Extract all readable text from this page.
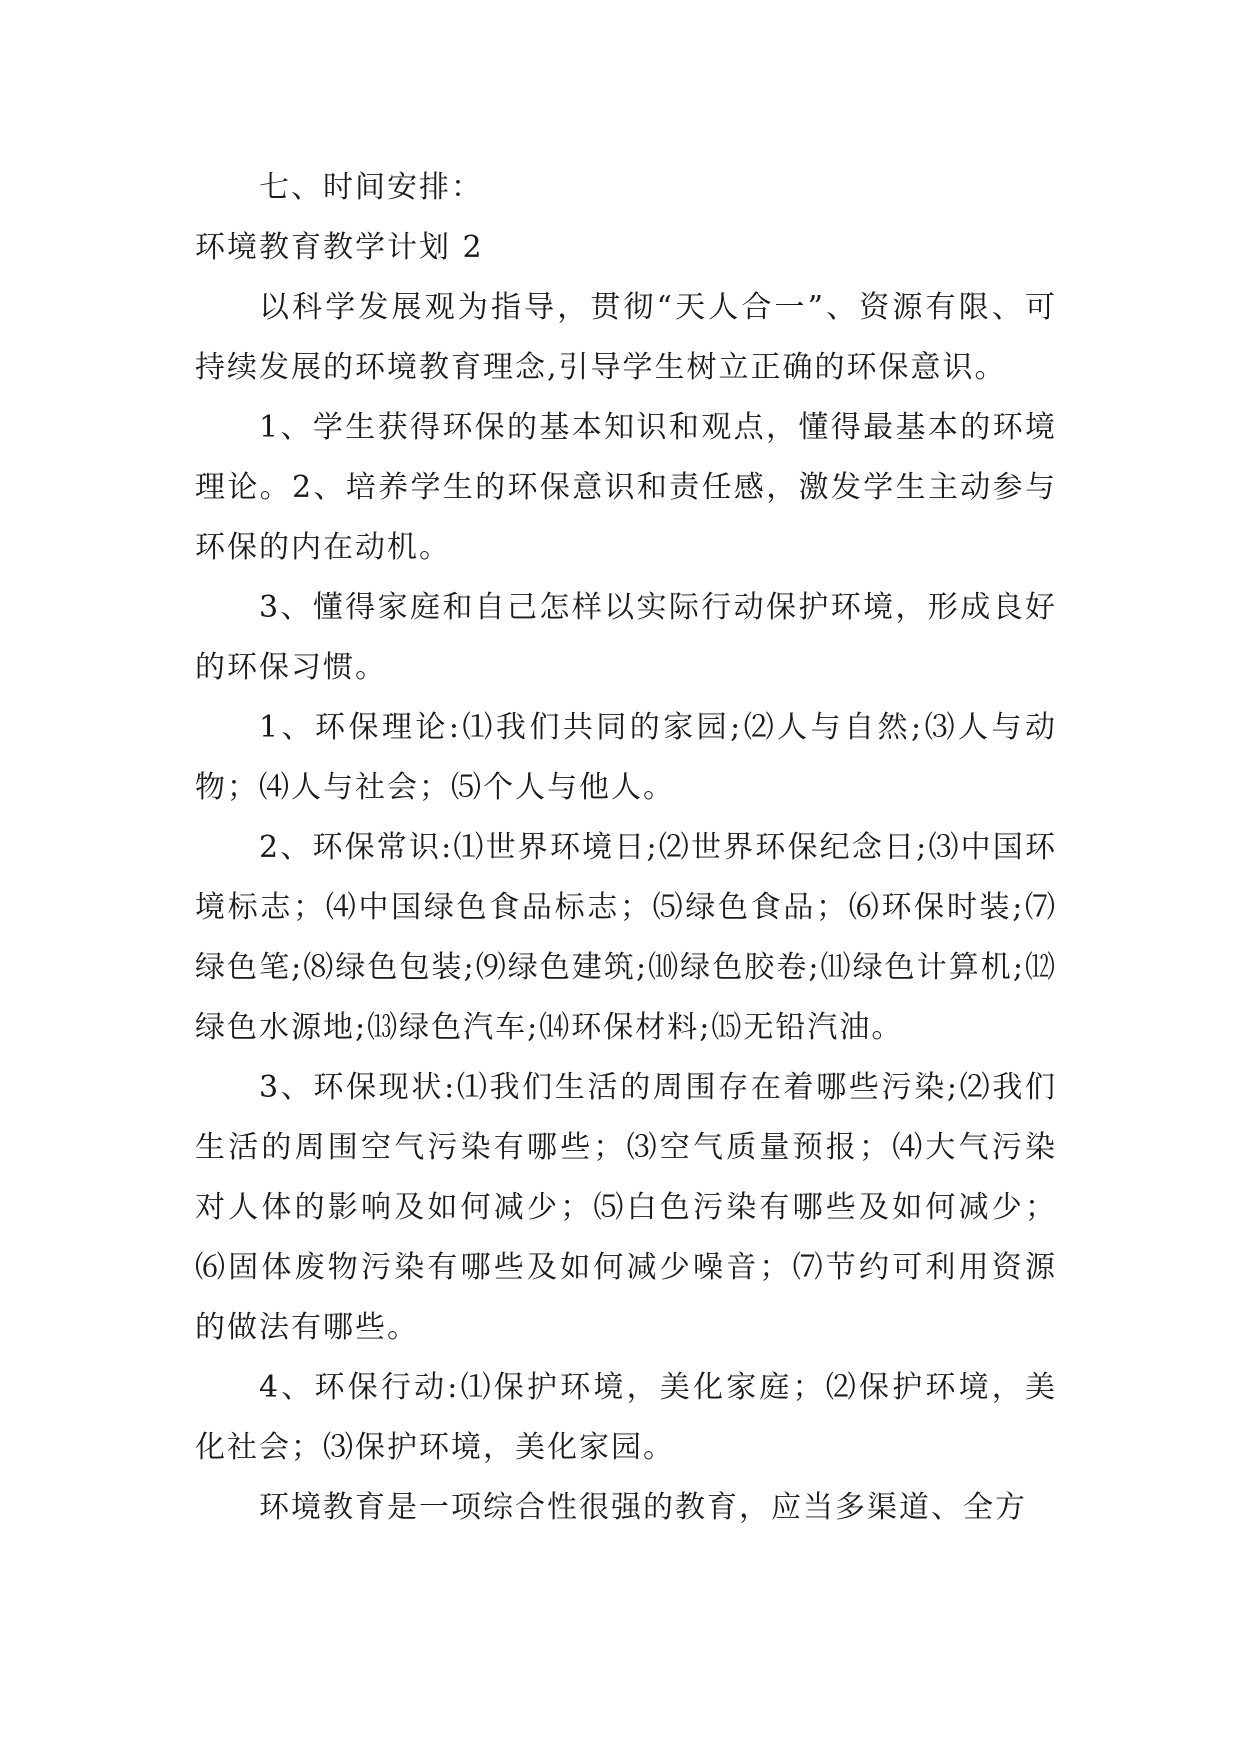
七、时间安排：

环境教育教学计划 2

以科学发展观为指导，贯彻“天人合一”、资源有限、可持续发展的环境教育理念,引导学生树立正确的环保意识。

1、学生获得环保的基本知识和观点，懂得最基本的环境理论。2、培养学生的环保意识和责任感，激发学生主动参与环保的内在动机。

3、懂得家庭和自己怎样以实际行动保护环境，形成良好的环保习惯。

1、环保理论:⑴我们共同的家园;⑵人与自然;⑶人与动物；⑷人与社会；⑸个人与他人。

2、环保常识:⑴世界环境日;⑵世界环保纪念日;⑶中国环境标志；⑷中国绿色食品标志；⑸绿色食品；⑹环保时装;⑺绿色笔;⑻绿色包装;⑼绿色建筑;⑽绿色胶卷;⑾绿色计算机;⑿绿色水源地;⒀绿色汽车;⒁环保材料;⒂无铅汽油。

3、环保现状:⑴我们生活的周围存在着哪些污染;⑵我们生活的周围空气污染有哪些；⑶空气质量预报；⑷大气污染对人体的影响及如何减少；⑸白色污染有哪些及如何减少；⑹固体废物污染有哪些及如何减少噪音；⑺节约可利用资源的做法有哪些。

4、环保行动:⑴保护环境，美化家庭；⑵保护环境，美化社会；⑶保护环境，美化家园。

环境教育是一项综合性很强的教育，应当多渠道、全方
